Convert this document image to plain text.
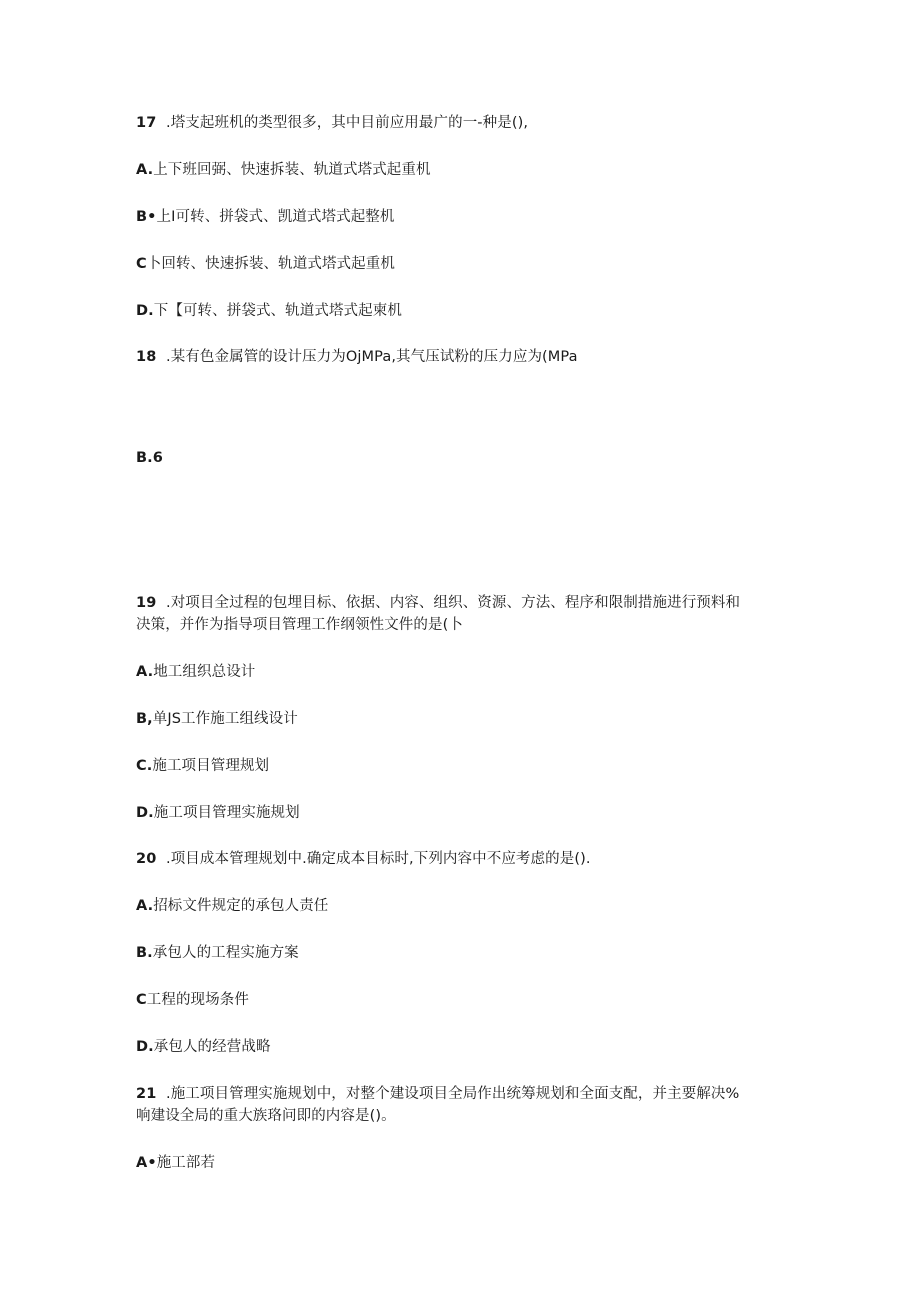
17 .塔支起班机的类型很多，其中目前应用最广的一-种是(),
A.上下班回弼、快速拆装、轨道式塔式起重机
B•上I可转、拼袋式、凯道式塔式起整机
C卜回转、快速拆装、轨道式塔式起重机
D.下【可转、拼袋式、轨道式塔式起柬机
18 .某有色金属管的设计压力为OjMPa,其气压试粉的压力应为(MPa
B.6
19 .对项目全过程的包埋目标、依据、内容、组织、资源、方法、程序和限制措施进行预料和
决策，并作为指导项目管理工作纲领性文件的是(卜
A.地工组织总设计
B,单JS工作施工组线设计
C.施工项目管理规划
D.施工项目管理实施规划
20 .项目成本管理规划中.确定成本目标时,下列内容中不应考虑的是().
A.招标文件规定的承包人责任
B.承包人的工程实施方案
C工程的现场条件
D.承包人的经营战略
21 .施工项目管理实施规划中，对整个建设项目全局作出统筹规划和全面支配，并主要解决%
响建设全局的重大族珞问即的内容是()。
A•施工部若
